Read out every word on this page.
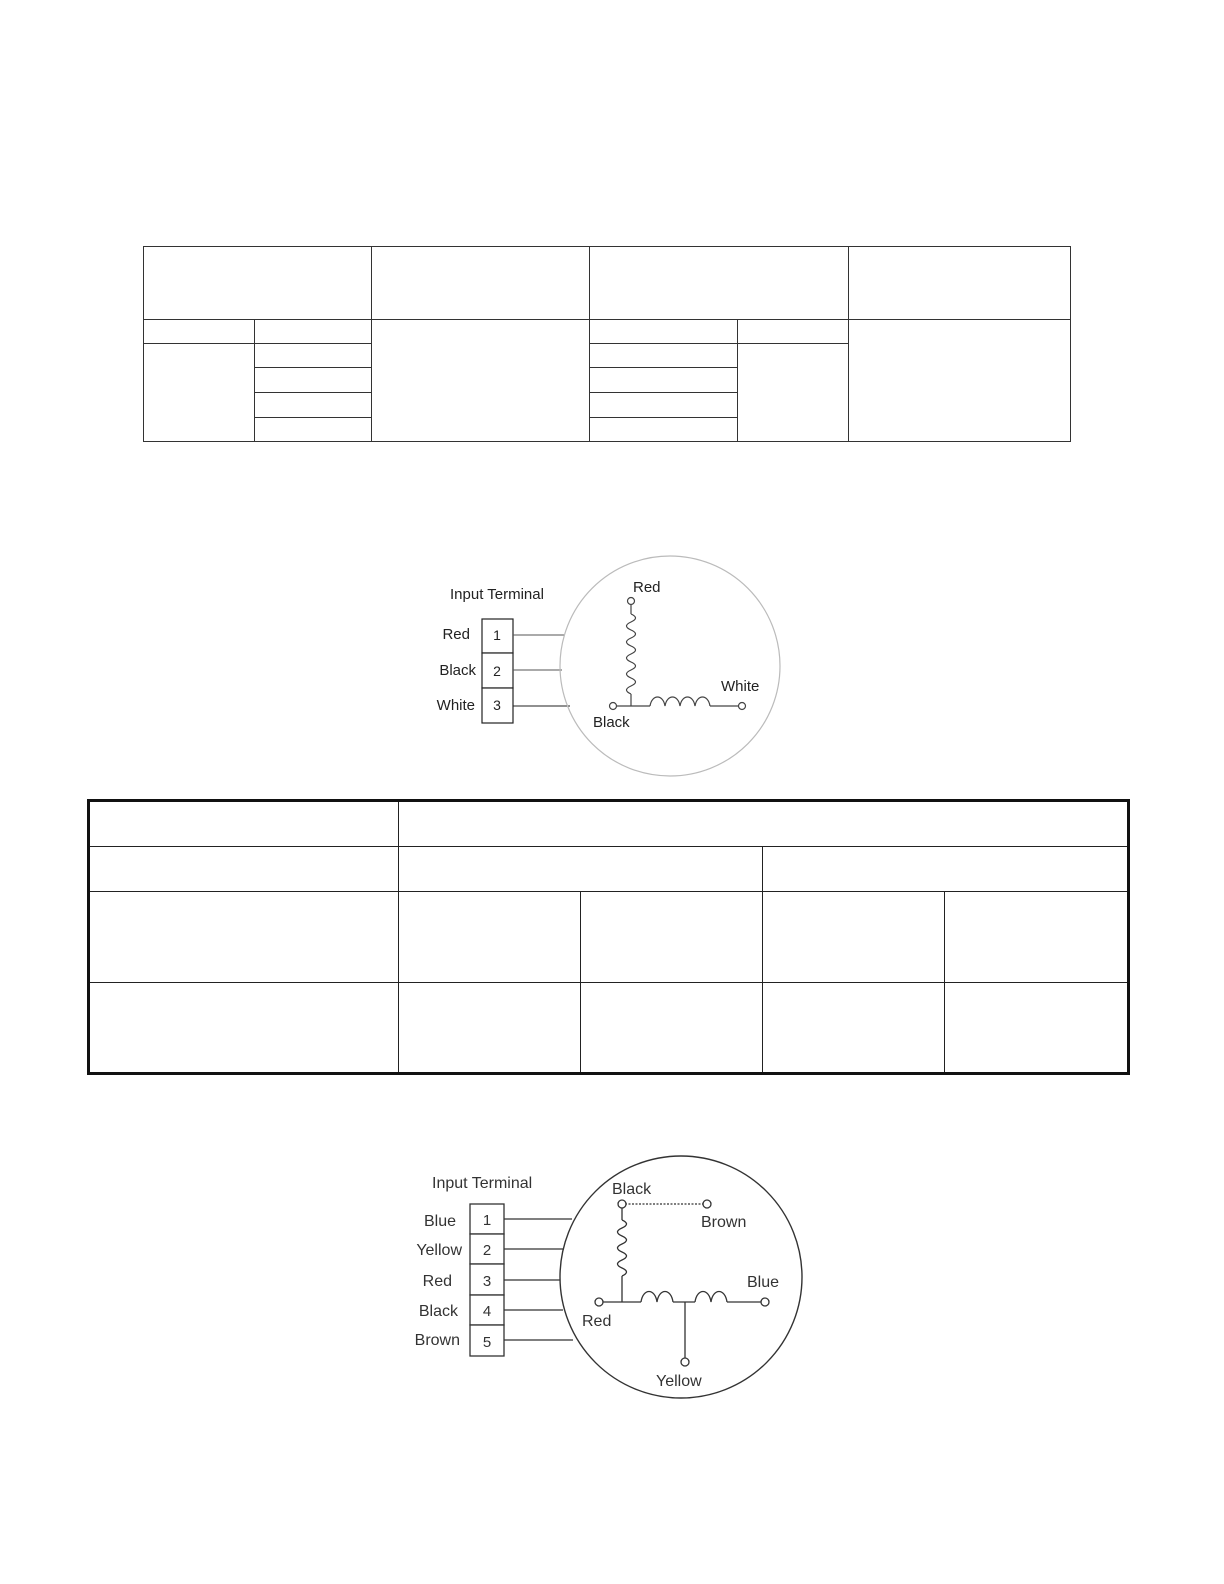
Input Terminal
1
2
3
Red
Black
White
Red
White
Black

Input Terminal
1
2
3
4
5
Blue
Yellow
Red
Black
Brown
Black
Brown
Blue
Red
Yellow
